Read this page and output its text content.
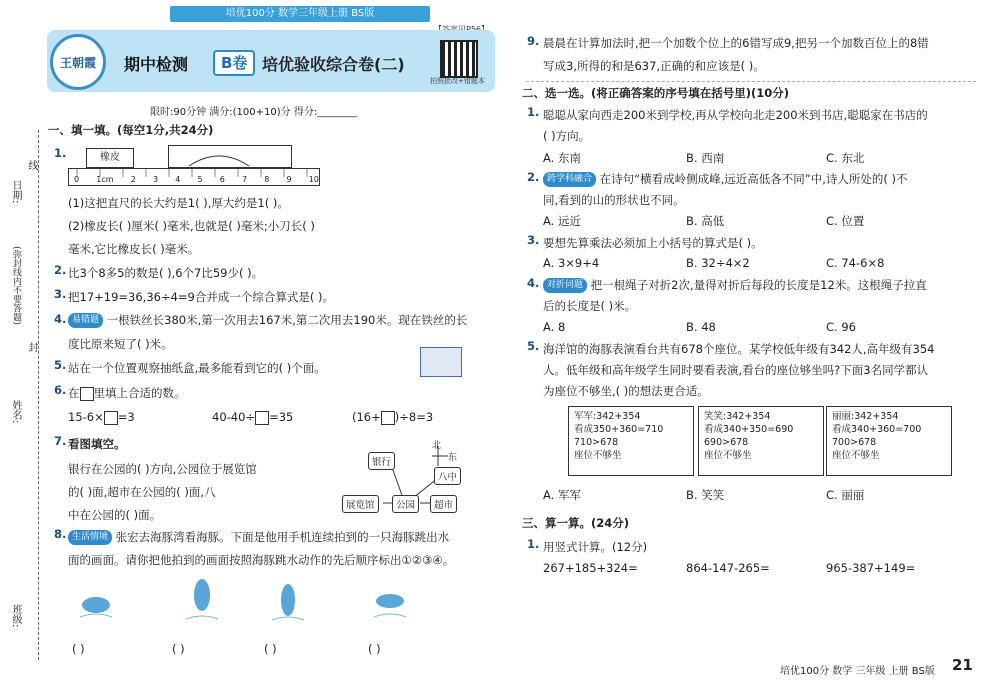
日期:
(弥封线内不要答题)
线
封
姓名:
班级:
培优100分 数学三年级上册 BS版
王朝霞	期中检测	B卷 培优验收综合卷(二)
拍照批改+错题本
限时:90分钟 满分:(100+10)分 得分:________
一、填一填。(每空1分,共24分)
1.	橡皮
0 1cm 2 3 4 5 6 7 8 9 10
(1)这把直尺的长大约是1( ),厚大约是1( )。
(2)橡皮长( )厘米( )毫米,也就是( )毫米;小刀长( )
毫米,它比橡皮长( )毫米。
2. 比3个8多5的数是( ),6个7比59少( )。
3. 把17+19=36,36÷4=9合并成一个综合算式是( )。
4. 易错题 一根铁丝长380米,第一次用去167米,第二次用去190米。现在铁丝的长
度比原来短了( )米。
5. 站在一个位置观察抽纸盒,最多能看到它的( )个面。
6. 在 里填上合适的数。
15-6× =3	40-40÷ =35	(16+ )÷8=3
7. 看图填空。
银行在公园的( )方向,公园位于展览馆
的( )面,超市在公园的( )面,八
中在公园的( )面。
北
东
银行
八中
展览馆	公园	超市
8. 生活情境 张宏去海豚湾看海豚。下面是他用手机连续拍到的一只海豚跳出水
面的画面。请你把他拍到的画面按照海豚跳水动作的先后顺序标出①②③④。
( )	( )	( )	( )
9. 晨晨在计算加法时,把一个加数个位上的6错写成9,把另一个加数百位上的8错
写成3,所得的和是637,正确的和应该是( )。
二、选一选。(将正确答案的序号填在括号里)(10分)
1. 聪聪从家向西走200米到学校,再从学校向北走200米到书店,聪聪家在书店的
( )方向。
A. 东南	B. 西南	C. 东北
2. 跨学科融合 在诗句“横看成岭侧成峰,远近高低各不同”中,诗人所处的( )不
同,看到的山的形状也不同。
A. 远近	B. 高低	C. 位置
3. 要想先算乘法必须加上小括号的算式是( )。
A. 3×9+4	B. 32÷4×2	C. 74-6×8
4. 对折问题 把一根绳子对折2次,量得对折后每段的长度是12米。这根绳子拉直
后的长度是( )米。
A. 8	B. 48	C. 96
5. 海洋馆的海豚表演看台共有678个座位。某学校低年级有342人,高年级有354
人。低年级和高年级学生同时要看表演,看台的座位够坐吗?下面3名同学都认
为座位不够坐,( )的想法更合适。
军军:342+354
看成350+360=710
710>678
座位不够坐
笑笑:342+354
看成340+350=690
690>678
座位不够坐
丽丽:342+354
看成340+360=700
700>678
座位不够坐
A. 军军	B. 笑笑	C. 丽丽
三、算一算。(24分)
1. 用竖式计算。(12分)
267+185+324=	864-147-265=	965-387+149=
培优100分 数学 三年级 上册 BS版 21
